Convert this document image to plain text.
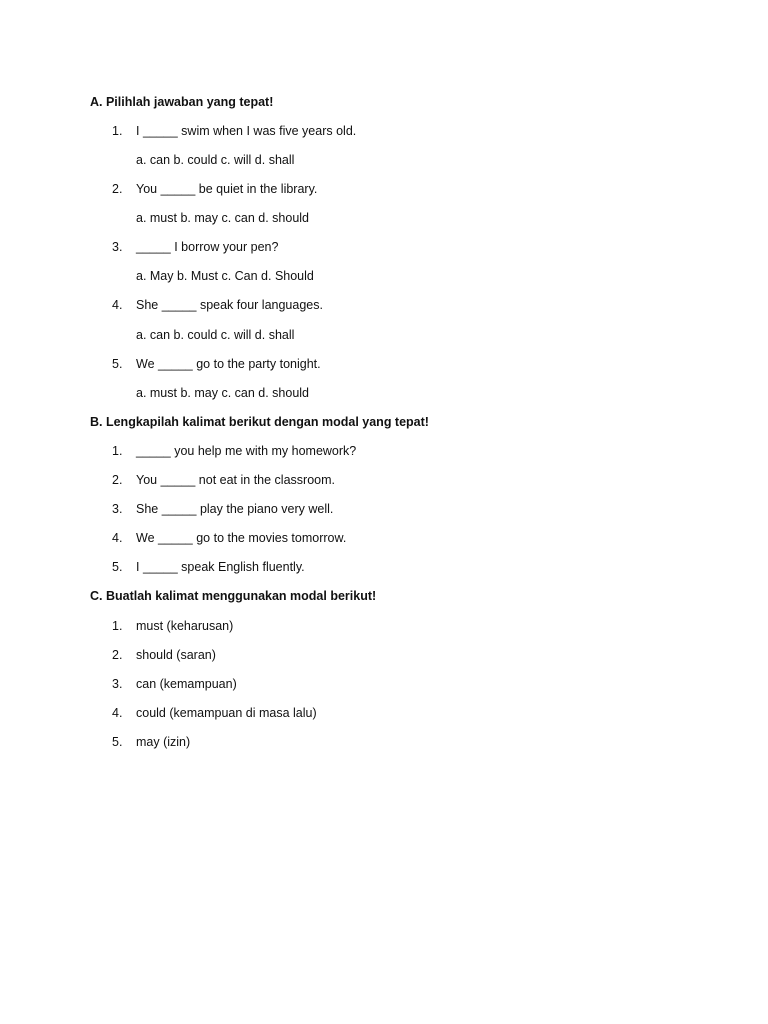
A. Pilihlah jawaban yang tepat!
1.	I _____ swim when I was five years old.
a. can b. could c. will d. shall
2.	You _____ be quiet in the library.
a. must b. may c. can d. should
3.	_____ I borrow your pen?
a. May b. Must c. Can d. Should
4.	She _____ speak four languages.
a. can b. could c. will d. shall
5.	We _____ go to the party tonight.
a. must b. may c. can d. should
B. Lengkapilah kalimat berikut dengan modal yang tepat!
1.	_____ you help me with my homework?
2.	You _____ not eat in the classroom.
3.	She _____ play the piano very well.
4.	We _____ go to the movies tomorrow.
5.	I _____ speak English fluently.
C. Buatlah kalimat menggunakan modal berikut!
1.	must (keharusan)
2.	should (saran)
3.	can (kemampuan)
4.	could (kemampuan di masa lalu)
5.	may (izin)
